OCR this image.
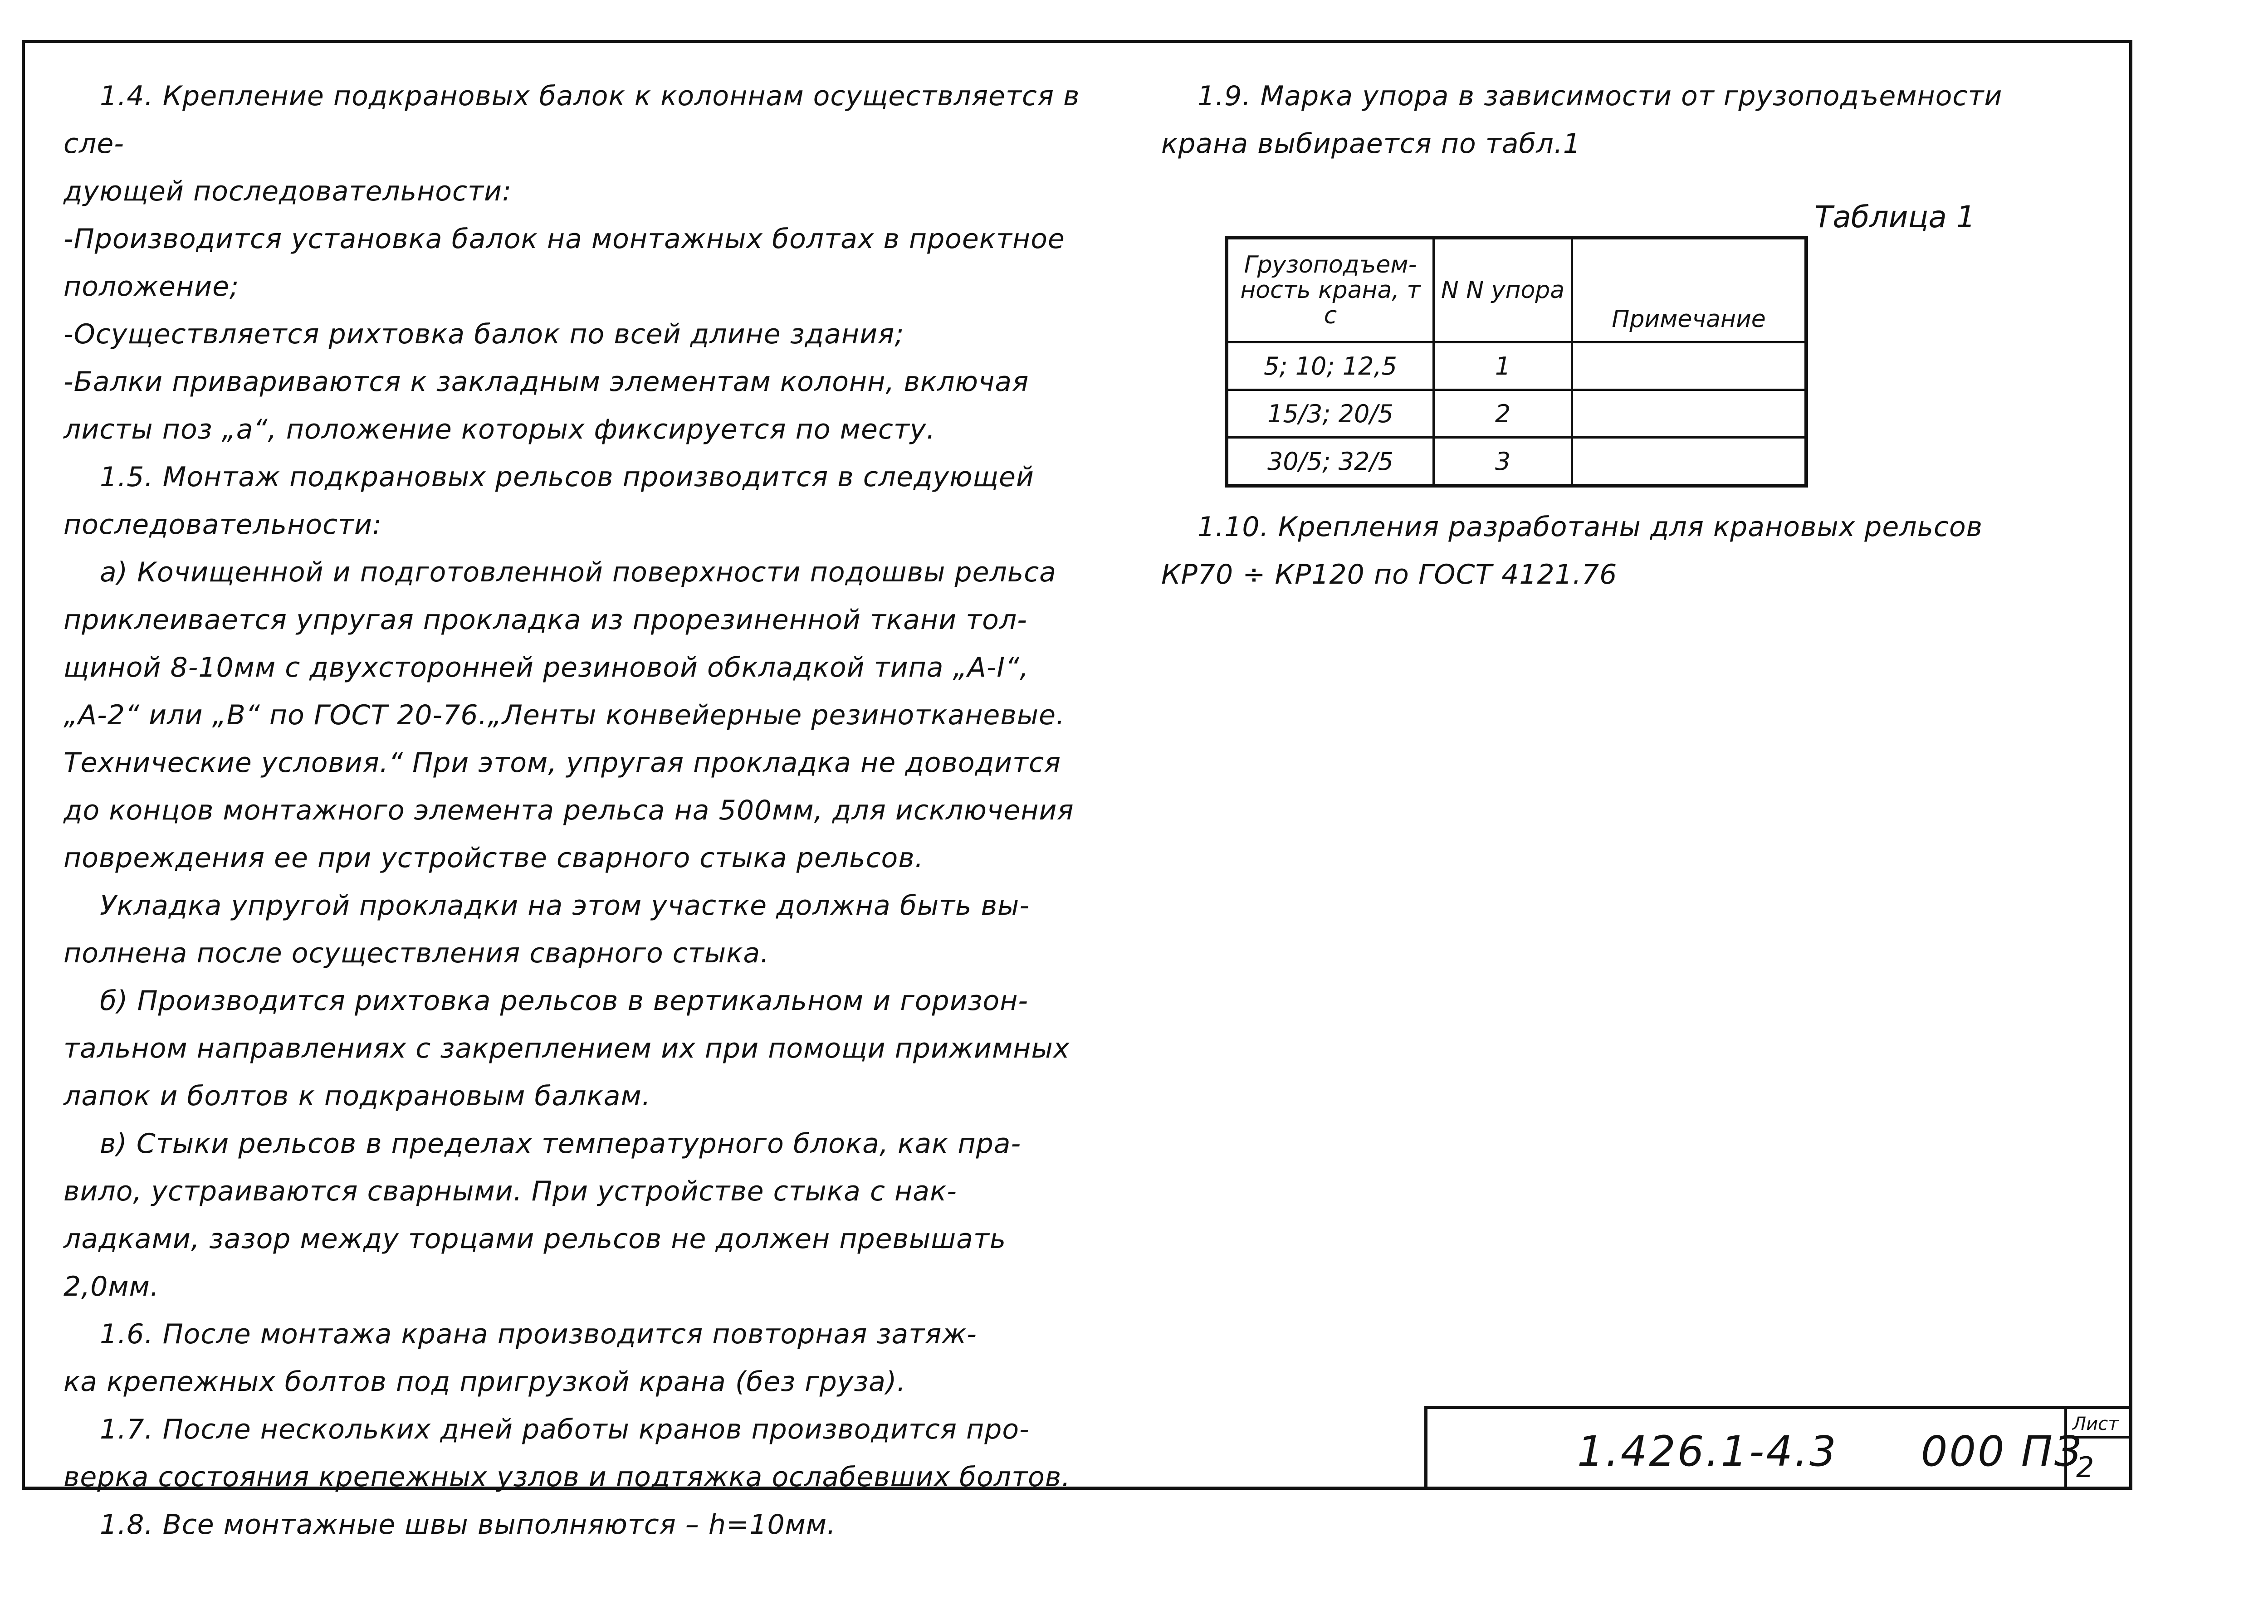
1.4. Крепление подкрановых балок к колоннам осуществляется в сле-

дующей последовательности:

-Производится установка балок на монтажных болтах в проектное

положение;

-Осуществляется рихтовка балок по всей длине здания;

-Балки привариваются к закладным элементам колонн, включая

листы поз „а“, положение которых фиксируется по месту.

1.5. Монтаж подкрановых рельсов производится в следующей

последовательности:

а) Кочищенной и подготовленной поверхности подошвы рельса

приклеивается упругая прокладка из прорезиненной ткани тол-

щиной 8-10мм с двухсторонней резиновой обкладкой типа „А-I“,

„А-2“ или „В“ по ГОСТ 20-76.„Ленты конвейерные резинотканевые.

Технические условия.“ При этом, упругая прокладка не доводится

до концов монтажного элемента рельса на 500мм, для исключения

повреждения ее при устройстве сварного стыка рельсов.

Укладка упругой прокладки на этом участке должна быть вы-

полнена после осуществления сварного стыка.

б) Производится рихтовка рельсов в вертикальном и горизон-

тальном направлениях с закреплением их при помощи прижимных

лапок и болтов к подкрановым балкам.

в) Стыки рельсов в пределах температурного блока, как пра-

вило, устраиваются сварными. При устройстве стыка с нак-

ладками, зазор между торцами рельсов не должен превышать

2,0мм.

1.6. После монтажа крана производится повторная затяж-

ка крепежных болтов под пригрузкой крана (без груза).

1.7. После нескольких дней работы кранов производится про-

верка состояния крепежных узлов и подтяжка ослабевших болтов.

1.8. Все монтажные швы выполняются – h=10мм.

1.9. Марка упора в зависимости от грузоподъемности

крана выбирается по табл.1

Таблица 1
Грузоподъем-ность крана, т с	N N упора	Примечание
5; 10; 12,5	1	
15/3; 20/5	2	
30/5; 32/5	3	

1.10. Крепления разработаны для крановых рельсов

КР70 ÷ КР120 по ГОСТ 4121.76

1.426.1-4.3 000 ПЗ
Лист
2
